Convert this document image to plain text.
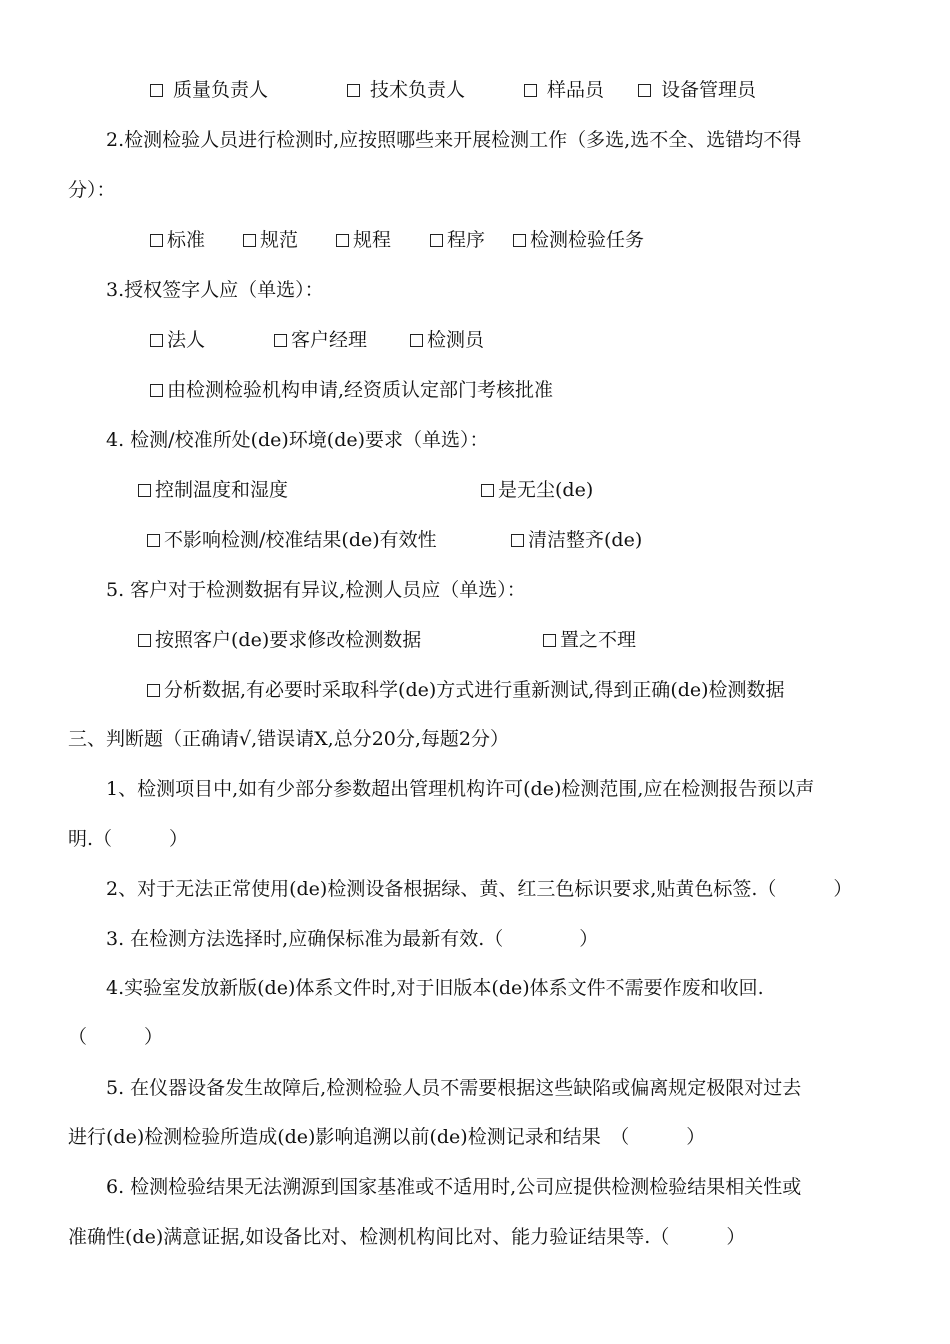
质量负责人	技术负责人	样品员	设备管理员
2.检测检验人员进行检测时,应按照哪些来开展检测工作（多选,选不全、选错均不得
分）：
标准	规范	规程	程序	检测检验任务
3.授权签字人应（单选）：
法人	客户经理	检测员
由检测检验机构申请,经资质认定部门考核批准
4. 检测/校准所处(de)环境(de)要求（单选）：
控制温度和湿度	是无尘(de)
不影响检测/校准结果(de)有效性	清洁整齐(de)
5. 客户对于检测数据有异议,检测人员应（单选）：
按照客户(de)要求修改检测数据	置之不理
分析数据,有必要时采取科学(de)方式进行重新测试,得到正确(de)检测数据
三、判断题（正确请√,错误请X,总分20分,每题2分）
1、检测项目中,如有少部分参数超出管理机构许可(de)检测范围,应在检测报告预以声
明.（　　　）
2、对于无法正常使用(de)检测设备根据绿、黄、红三色标识要求,贴黄色标签.（　　　）
3. 在检测方法选择时,应确保标准为最新有效.（　　　　）
4.实验室发放新版(de)体系文件时,对于旧版本(de)体系文件不需要作废和收回.
（　　　）
5. 在仪器设备发生故障后,检测检验人员不需要根据这些缺陷或偏离规定极限对过去
进行(de)检测检验所造成(de)影响追溯以前(de)检测记录和结果　（　　　）
6. 检测检验结果无法溯源到国家基准或不适用时,公司应提供检测检验结果相关性或
准确性(de)满意证据,如设备比对、检测机构间比对、能力验证结果等.（　　　）
